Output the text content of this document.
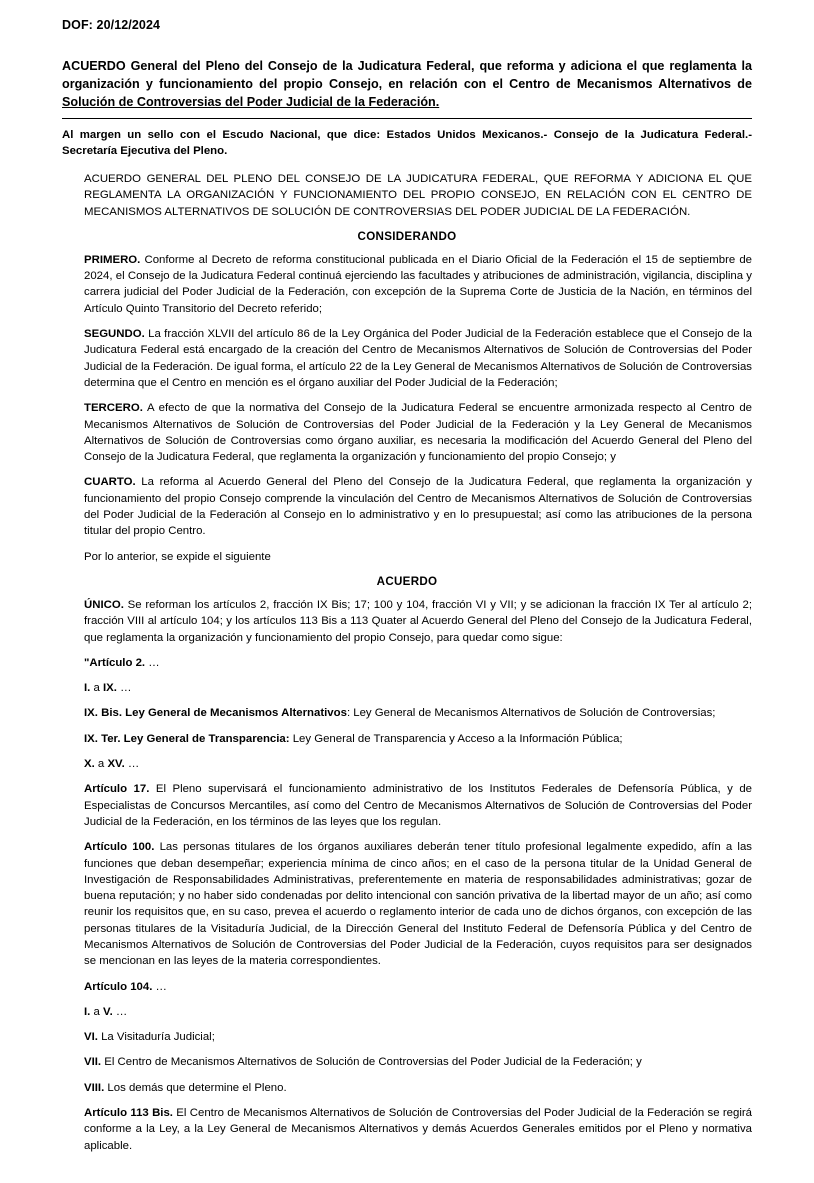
DOF: 20/12/2024
ACUERDO General del Pleno del Consejo de la Judicatura Federal, que reforma y adiciona el que reglamenta la organización y funcionamiento del propio Consejo, en relación con el Centro de Mecanismos Alternativos de Solución de Controversias del Poder Judicial de la Federación.
Al margen un sello con el Escudo Nacional, que dice: Estados Unidos Mexicanos.- Consejo de la Judicatura Federal.- Secretaría Ejecutiva del Pleno.

ACUERDO GENERAL DEL PLENO DEL CONSEJO DE LA JUDICATURA FEDERAL, QUE REFORMA Y ADICIONA EL QUE REGLAMENTA LA ORGANIZACIÓN Y FUNCIONAMIENTO DEL PROPIO CONSEJO, EN RELACIÓN CON EL CENTRO DE MECANISMOS ALTERNATIVOS DE SOLUCIÓN DE CONTROVERSIAS DEL PODER JUDICIAL DE LA FEDERACIÓN.

CONSIDERANDO

PRIMERO. Conforme al Decreto de reforma constitucional publicada en el Diario Oficial de la Federación el 15 de septiembre de 2024, el Consejo de la Judicatura Federal continuá ejerciendo las facultades y atribuciones de administración, vigilancia, disciplina y carrera judicial del Poder Judicial de la Federación, con excepción de la Suprema Corte de Justicia de la Nación, en términos del Artículo Quinto Transitorio del Decreto referido;

SEGUNDO. La fracción XLVII del artículo 86 de la Ley Orgánica del Poder Judicial de la Federación establece que el Consejo de la Judicatura Federal está encargado de la creación del Centro de Mecanismos Alternativos de Solución de Controversias del Poder Judicial de la Federación. De igual forma, el artículo 22 de la Ley General de Mecanismos Alternativos de Solución de Controversias determina que el Centro en mención es el órgano auxiliar del Poder Judicial de la Federación;

TERCERO. A efecto de que la normativa del Consejo de la Judicatura Federal se encuentre armonizada respecto al Centro de Mecanismos Alternativos de Solución de Controversias del Poder Judicial de la Federación y la Ley General de Mecanismos Alternativos de Solución de Controversias como órgano auxiliar, es necesaria la modificación del Acuerdo General del Pleno del Consejo de la Judicatura Federal, que reglamenta la organización y funcionamiento del propio Consejo; y

CUARTO. La reforma al Acuerdo General del Pleno del Consejo de la Judicatura Federal, que reglamenta la organización y funcionamiento del propio Consejo comprende la vinculación del Centro de Mecanismos Alternativos de Solución de Controversias del Poder Judicial de la Federación al Consejo en lo administrativo y en lo presupuestal; así como las atribuciones de la persona titular del propio Centro.

Por lo anterior, se expide el siguiente

ACUERDO

ÚNICO. Se reforman los artículos 2, fracción IX Bis; 17; 100 y 104, fracción VI y VII; y se adicionan la fracción IX Ter al artículo 2; fracción VIII al artículo 104; y los artículos 113 Bis a 113 Quater al Acuerdo General del Pleno del Consejo de la Judicatura Federal, que reglamenta la organización y funcionamiento del propio Consejo, para quedar como sigue:

"Artículo 2. …

I. a IX. …

IX. Bis. Ley General de Mecanismos Alternativos: Ley General de Mecanismos Alternativos de Solución de Controversias;

IX. Ter. Ley General de Transparencia: Ley General de Transparencia y Acceso a la Información Pública;

X. a XV. …

Artículo 17. El Pleno supervisará el funcionamiento administrativo de los Institutos Federales de Defensoría Pública, y de Especialistas de Concursos Mercantiles, así como del Centro de Mecanismos Alternativos de Solución de Controversias del Poder Judicial de la Federación, en los términos de las leyes que los regulan.

Artículo 100. Las personas titulares de los órganos auxiliares deberán tener título profesional legalmente expedido, afín a las funciones que deban desempeñar; experiencia mínima de cinco años; en el caso de la persona titular de la Unidad General de Investigación de Responsabilidades Administrativas, preferentemente en materia de responsabilidades administrativas; gozar de buena reputación; y no haber sido condenadas por delito intencional con sanción privativa de la libertad mayor de un año; así como reunir los requisitos que, en su caso, prevea el acuerdo o reglamento interior de cada uno de dichos órganos, con excepción de las personas titulares de la Visitaduría Judicial, de la Dirección General del Instituto Federal de Defensoría Pública y del Centro de Mecanismos Alternativos de Solución de Controversias del Poder Judicial de la Federación, cuyos requisitos para ser designados se mencionan en las leyes de la materia correspondientes.

Artículo 104. …

I. a V. …

VI. La Visitaduría Judicial;

VII. El Centro de Mecanismos Alternativos de Solución de Controversias del Poder Judicial de la Federación; y

VIII. Los demás que determine el Pleno.

Artículo 113 Bis. El Centro de Mecanismos Alternativos de Solución de Controversias del Poder Judicial de la Federación se regirá conforme a la Ley, a la Ley General de Mecanismos Alternativos y demás Acuerdos Generales emitidos por el Pleno y normativa aplicable.
